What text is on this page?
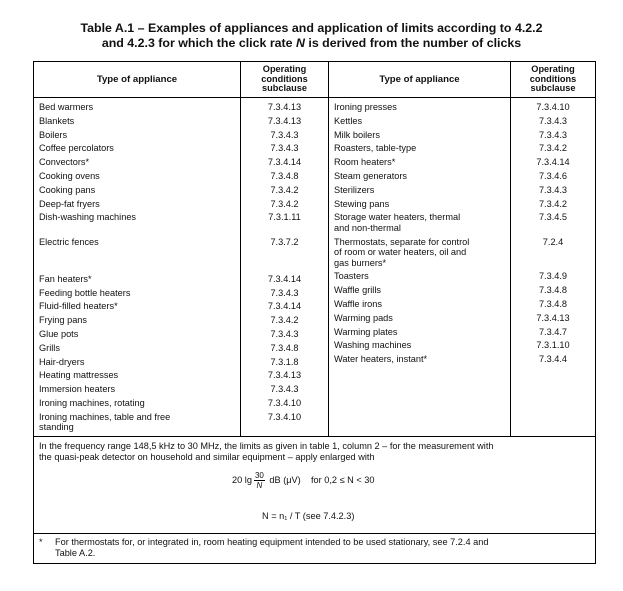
Table A.1 – Examples of appliances and application of limits according to 4.2.2
and 4.2.3 for which the click rate N is derived from the number of clicks
Type of appliance
Operating
conditions
subclause
Type of appliance
Operating
conditions
subclause
Bed warmers
Blankets
Boilers
Coffee percolators
Convectors*
Cooking ovens
Cooking pans
Deep-fat fryers
Dish-washing machines
Electric fences
Fan heaters*
Feeding bottle heaters
Fluid-filled heaters*
Frying pans
Glue pots
Grills
Hair-dryers
Heating mattresses
Immersion heaters
Ironing machines, rotating
Ironing machines, table and free
standing
7.3.4.13
7.3.4.13
7.3.4.3
7.3.4.3
7.3.4.14
7.3.4.8
7.3.4.2
7.3.4.2
7.3.1.11
7.3.7.2
7.3.4.14
7.3.4.3
7.3.4.14
7.3.4.2
7.3.4.3
7.3.4.8
7.3.1.8
7.3.4.13
7.3.4.3
7.3.4.10
7.3.4.10

Ironing presses
Kettles
Milk boilers
Roasters, table-type
Room heaters*
Steam generators
Sterilizers
Stewing pans
Storage water heaters, thermal
and non-thermal
Thermostats, separate for control
of room or water heaters, oil and
gas burners*
Toasters
Waffle grills
Waffle irons
Warming pads
Warming plates
Washing machines
Water heaters, instant*
7.3.4.10
7.3.4.3
7.3.4.3
7.3.4.2
7.3.4.14
7.3.4.6
7.3.4.3
7.3.4.2
7.3.4.5

7.2.4

7.3.4.9
7.3.4.8
7.3.4.8
7.3.4.13
7.3.4.7
7.3.1.10
7.3.4.4
In the frequency range 148,5 kHz to 30 MHz, the limits as given in table 1, column 2 – for the measurement with
the quasi-peak detector on household and similar equipment – apply enlarged with
20 $\lg \frac{30}{N}$ dB (μV) for 0,2 ≤ N < 30
N = n₁ / T (see 7.4.2.3)
*	For thermostats for, or integrated in, room heating equipment intended to be used stationary, see 7.2.4 and
Table A.2.
